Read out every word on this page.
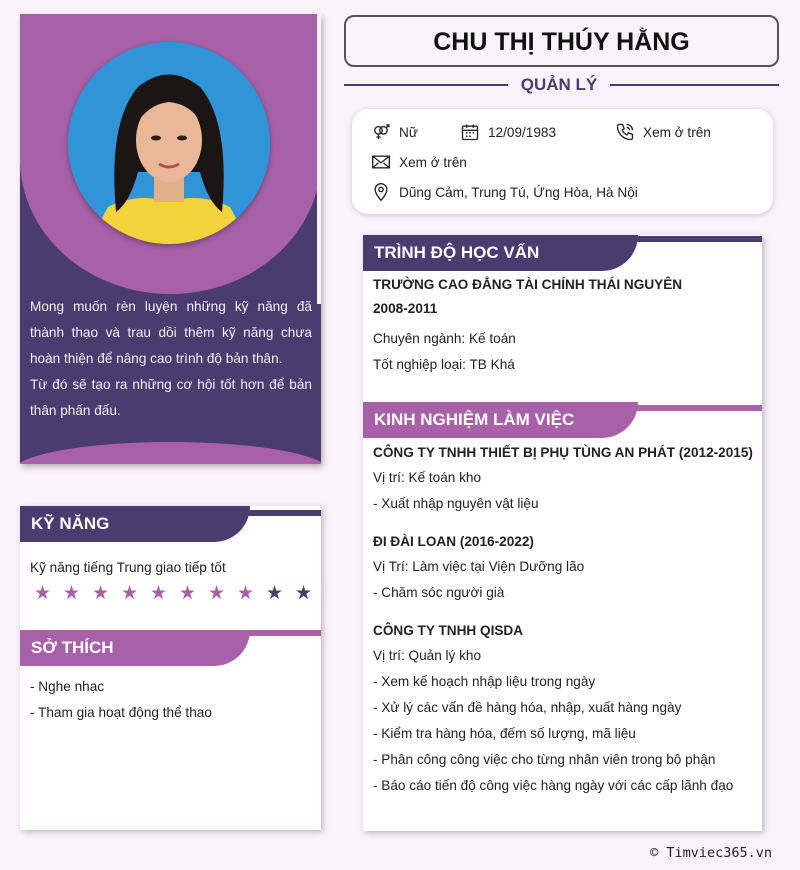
Mong muốn rèn luyện những kỹ năng đã thành thạo và trau dồi thêm kỹ năng chưa hoàn thiện để nâng cao trình độ bản thân.

Từ đó sẽ tạo ra những cơ hội tốt hơn để bản thân phấn đấu.

KỸ NĂNG
Kỹ năng tiếng Trung giao tiếp tốt
★ ★ ★ ★ ★ ★ ★ ★ ★ ★
SỞ THÍCH
- Nghe nhạc
- Tham gia hoạt động thể thao
CHU THỊ THÚY HẰNG
QUẢN LÝ
Nữ	12/09/1983	Xem ở trên
Xem ở trên
Dũng Cảm, Trung Tú, Ứng Hòa, Hà Nội
TRÌNH ĐỘ HỌC VẤN
TRƯỜNG CAO ĐẲNG TÀI CHÍNH THÁI NGUYÊN
2008-2011
Chuyên ngành: Kế toán
Tốt nghiệp loại: TB Khá
KINH NGHIỆM LÀM VIỆC
CÔNG TY TNHH THIẾT BỊ PHỤ TÙNG AN PHÁT (2012-2015)
Vị trí: Kế toán kho
- Xuất nhập nguyên vật liệu
ĐI ĐÀI LOAN (2016-2022)
Vị Trí: Làm việc tại Viện Dưỡng lão
- Chăm sóc người già
CÔNG TY TNHH QISDA
Vị trí: Quản lý kho
- Xem kế hoạch nhập liệu trong ngày
- Xử lý các vấn đề hàng hóa, nhập, xuất hàng ngày
- Kiểm tra hàng hóa, đếm số lượng, mã liệu
- Phân công công việc cho từng nhân viên trong bộ phận
- Báo cáo tiến độ công việc hàng ngày với các cấp lãnh đạo
© Timviec365.vn
